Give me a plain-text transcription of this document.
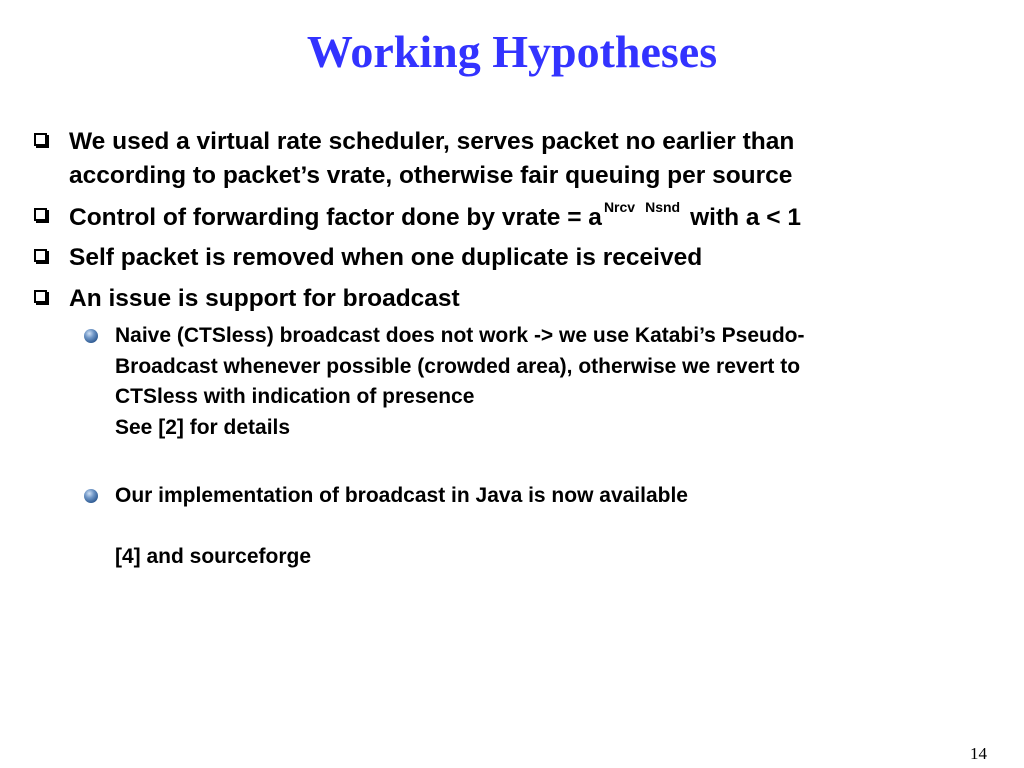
Working Hypotheses
We used a virtual rate scheduler, serves packet no earlier than
according to packet’s vrate, otherwise fair queuing per source
Control of forwarding factor done by vrate = a Nrcv Nsnd with a < 1
Self packet is removed when one duplicate is received
An issue is support for broadcast
Naive (CTSless) broadcast does not work -> we use Katabi’s Pseudo-
Broadcast whenever possible (crowded area), otherwise we revert to
CTSless with indication of presence
See [2] for details
Our implementation of broadcast in Java is now available
[4] and sourceforge
14
